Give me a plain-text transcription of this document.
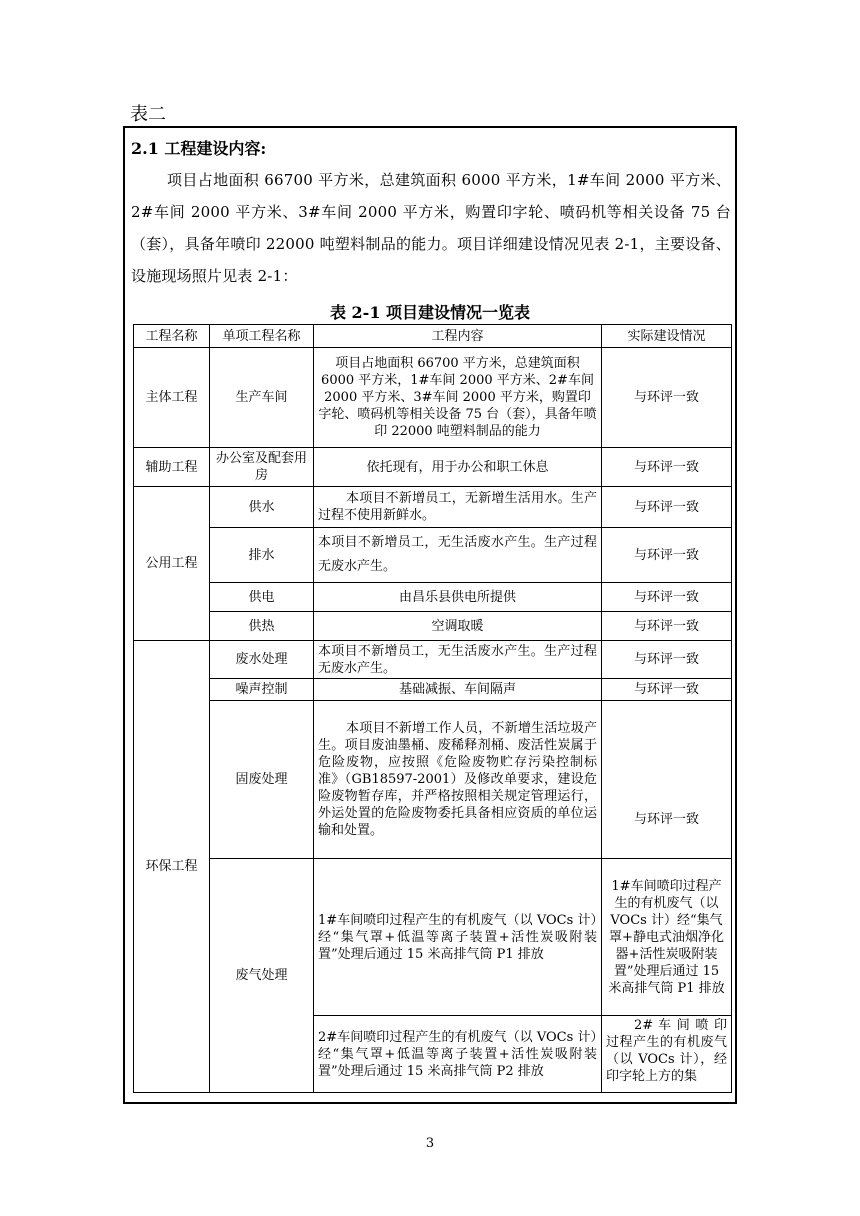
表二
2.1 工程建设内容:
项目占地面积 66700 平方米，总建筑面积 6000 平方米，1#车间 2000 平方米、2#车间 2000 平方米、3#车间 2000 平方米，购置印字轮、喷码机等相关设备 75 台（套），具备年喷印 22000 吨塑料制品的能力。项目详细建设情况见表 2-1，主要设备、设施现场照片见表 2-1：
表 2-1 项目建设情况一览表
工程名称	单项工程名称	工程内容	实际建设情况
主体工程	生产车间	项目占地面积 66700 平方米，总建筑面积 6000 平方米，1#车间 2000 平方米、2#车间 2000 平方米、3#车间 2000 平方米，购置印字轮、喷码机等相关设备 75 台（套），具备年喷印 22000 吨塑料制品的能力	与环评一致
辅助工程	办公室及配套用房	依托现有，用于办公和职工休息	与环评一致
公用工程	供水	本项目不新增员工，无新增生活用水。生产过程不使用新鲜水。	与环评一致
	排水	本项目不新增员工，无生活废水产生。生产过程无废水产生。	与环评一致
	供电	由昌乐县供电所提供	与环评一致
	供热	空调取暖	与环评一致
环保工程	废水处理	本项目不新增员工，无生活废水产生。生产过程无废水产生。	与环评一致
	噪声控制	基础减振、车间隔声	与环评一致
	固废处理	本项目不新增工作人员，不新增生活垃圾产生。项目废油墨桶、废稀释剂桶、废活性炭属于危险废物，应按照《危险废物贮存污染控制标准》（GB18597-2001）及修改单要求，建设危险废物暂存库，并严格按照相关规定管理运行，外运处置的危险废物委托具备相应资质的单位运输和处置。	与环评一致

	废气处理	1#车间喷印过程产生的有机废气（以 VOCs 计）经“集气罩+低温等离子装置+活性炭吸附装置”处理后通过 15 米高排气筒 P1 排放	1#车间喷印过程产生的有机废气（以 VOCs 计）经“集气罩+静电式油烟净化器+活性炭吸附装置”处理后通过 15 米高排气筒 P1 排放
		2#车间喷印过程产生的有机废气（以 VOCs 计）经“集气罩+低温等离子装置+活性炭吸附装置”处理后通过 15 米高排气筒 P2 排放	2# 车 间 喷 印 过程产生的有机废气（以 VOCs 计），经印字轮上方的集
3
